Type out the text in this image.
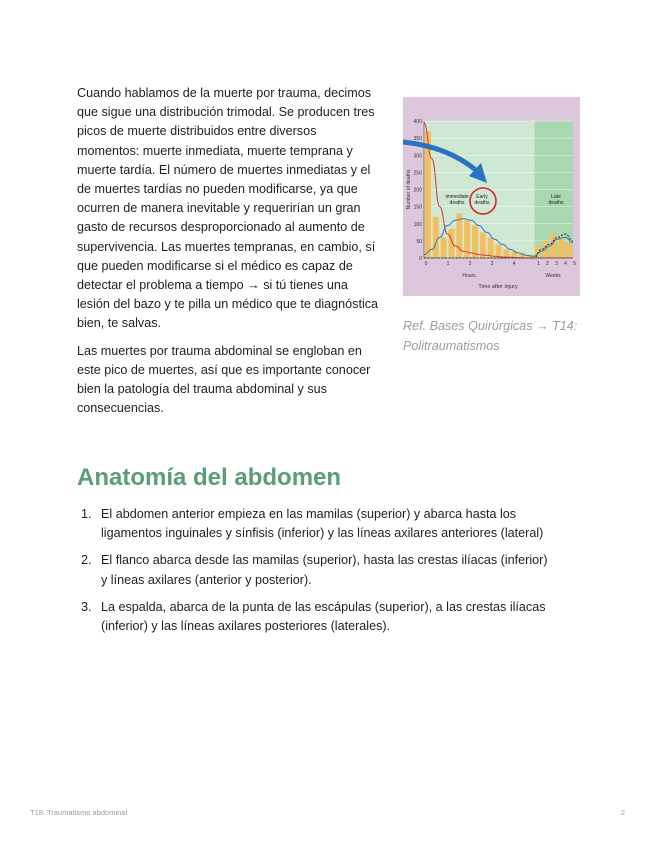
Cuando hablamos de la muerte por trauma, decimos que sigue una distribución trimodal. Se producen tres picos de muerte distribuidos entre diversos momentos: muerte inmediata, muerte temprana y muerte tardía. El número de muertes inmediatas y el de muertes tardías no pueden modificarse, ya que ocurren de manera inevitable y requerirían un gran gasto de recursos desproporcionado al aumento de supervivencia. Las muertes tempranas, en cambio, sí que pueden modificarse si el médico es capaz de detectar el problema a tiempo → si tú tienes una lesión del bazo y te pilla un médico que te diagnóstica bien, te salvas.

Las muertes por trauma abdominal se engloban en este pico de muertes, así que es importante conocer bien la patología del trauma abdominal y sus consecuencias.

0
50
100
150
200
250
300
350
400
0	1	2	3	4	1 2 3 4 5
Hours	Weeks
Time after injury
Number of deaths	Immediate deaths
Early deaths
Late deaths
Ref. Bases Quirúrgicas → T14: Politraumatismos
Anatomía del abdomen
1. El abdomen anterior empieza en las mamilas (superior) y abarca hasta los ligamentos inguinales y sínfisis (inferior) y las líneas axilares anteriores (lateral)
2. El flanco abarca desde las mamilas (superior), hasta las crestas ilíacas (inferior) y líneas axilares (anterior y posterior).
3. La espalda, abarca de la punta de las escápulas (superior), a las crestas ilíacas (inferior) y las líneas axilares posteriores (laterales).
T18: Traumatismo abdominal	2
